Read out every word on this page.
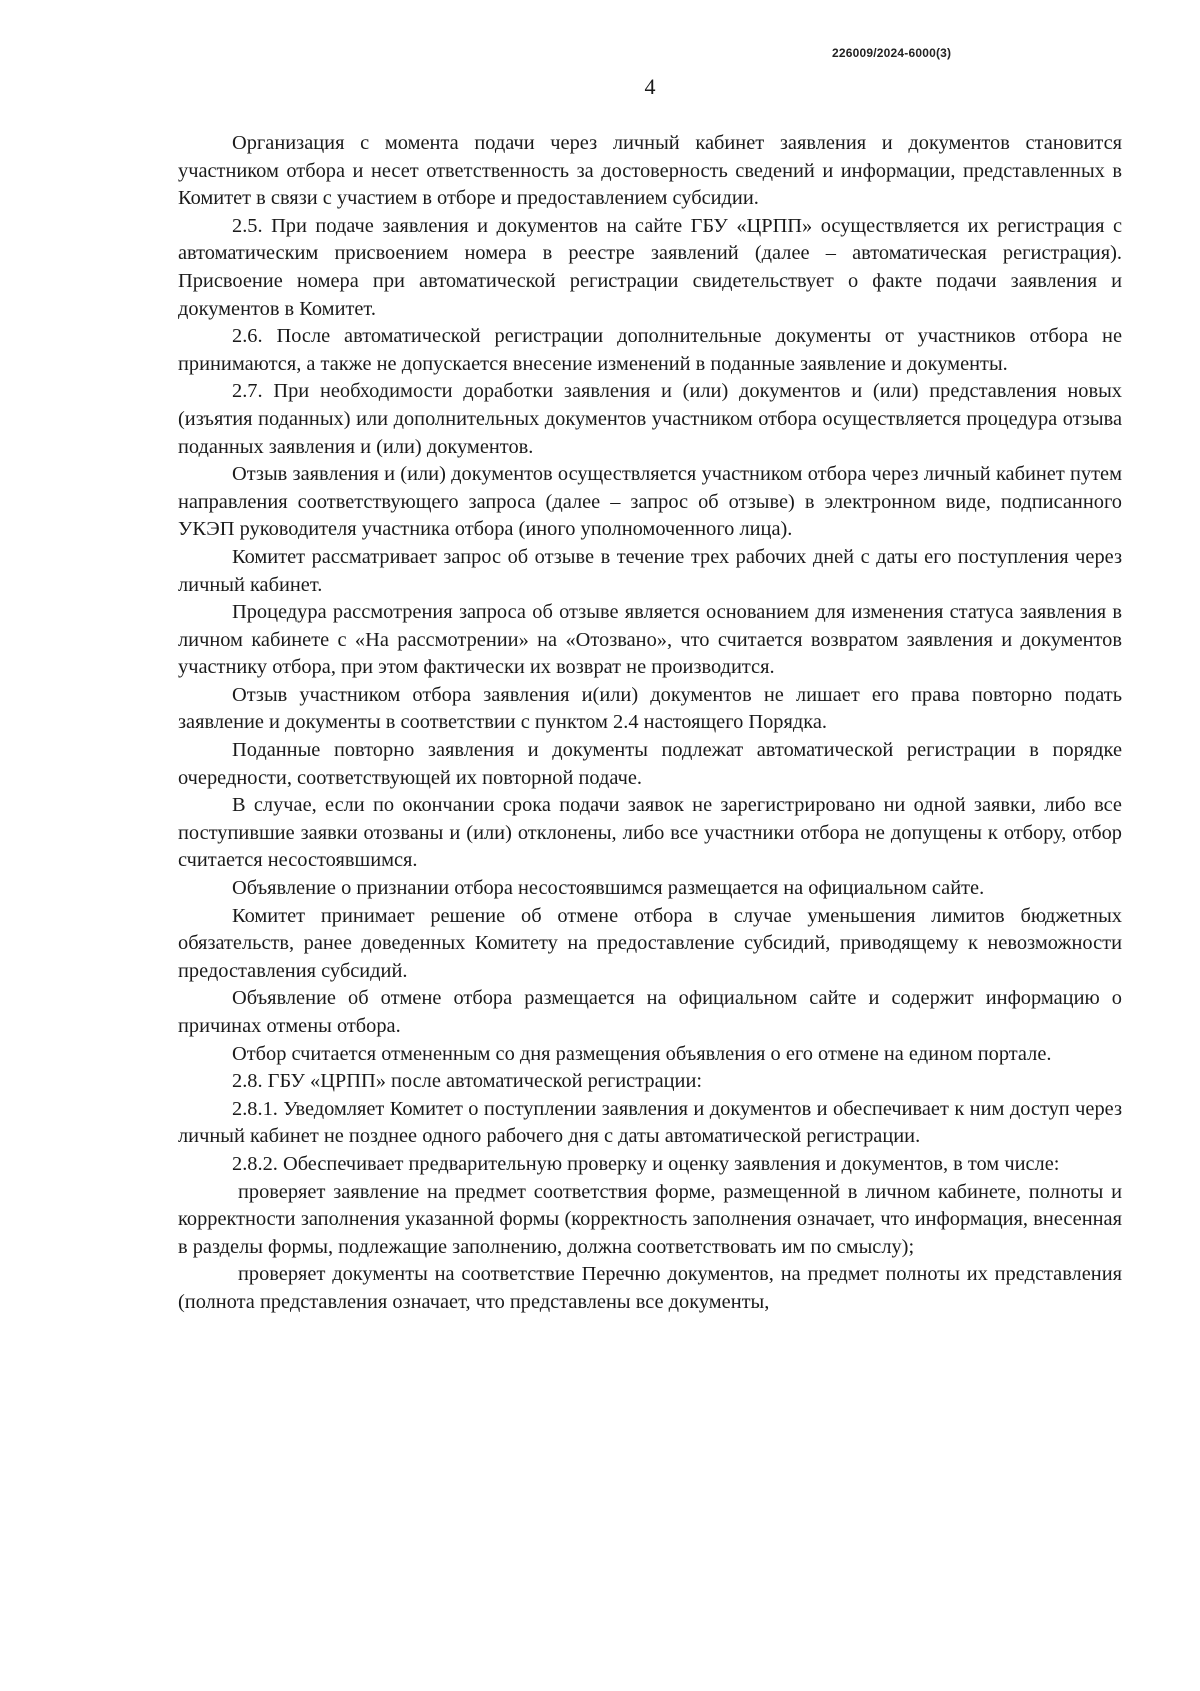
226009/2024-6000(3)
4

Организация с момента подачи через личный кабинет заявления и документов становится участником отбора и несет ответственность за достоверность сведений и информации, представленных в Комитет в связи с участием в отборе и предоставлением субсидии.

2.5. При подаче заявления и документов на сайте ГБУ «ЦРПП» осуществляется их регистрация с автоматическим присвоением номера в реестре заявлений (далее – автоматическая регистрация). Присвоение номера при автоматической регистрации свидетельствует о факте подачи заявления и документов в Комитет.

2.6. После автоматической регистрации дополнительные документы от участников отбора не принимаются, а также не допускается внесение изменений в поданные заявление и документы.

2.7. При необходимости доработки заявления и (или) документов и (или) представления новых (изъятия поданных) или дополнительных документов участником отбора осуществляется процедура отзыва поданных заявления и (или) документов.

Отзыв заявления и (или) документов осуществляется участником отбора через личный кабинет путем направления соответствующего запроса (далее – запрос об отзыве) в электронном виде, подписанного УКЭП руководителя участника отбора (иного уполномоченного лица).

Комитет рассматривает запрос об отзыве в течение трех рабочих дней с даты его поступления через личный кабинет.

Процедура рассмотрения запроса об отзыве является основанием для изменения статуса заявления в личном кабинете с «На рассмотрении» на «Отозвано», что считается возвратом заявления и документов участнику отбора, при этом фактически их возврат не производится.

Отзыв участником отбора заявления и(или) документов не лишает его права повторно подать заявление и документы в соответствии с пунктом 2.4 настоящего Порядка.

Поданные повторно заявления и документы подлежат автоматической регистрации в порядке очередности, соответствующей их повторной подаче.

В случае, если по окончании срока подачи заявок не зарегистрировано ни одной заявки, либо все поступившие заявки отозваны и (или) отклонены, либо все участники отбора не допущены к отбору, отбор считается несостоявшимся.

Объявление о признании отбора несостоявшимся размещается на официальном сайте.

Комитет принимает решение об отмене отбора в случае уменьшения лимитов бюджетных обязательств, ранее доведенных Комитету на предоставление субсидий, приводящему к невозможности предоставления субсидий.

Объявление об отмене отбора размещается на официальном сайте и содержит информацию о причинах отмены отбора.

Отбор считается отмененным со дня размещения объявления о его отмене на едином портале.

2.8. ГБУ «ЦРПП» после автоматической регистрации:

2.8.1. Уведомляет Комитет о поступлении заявления и документов и обеспечивает к ним доступ через личный кабинет не позднее одного рабочего дня с даты автоматической регистрации.

2.8.2. Обеспечивает предварительную проверку и оценку заявления и документов, в том числе:

проверяет заявление на предмет соответствия форме, размещенной в личном кабинете, полноты и корректности заполнения указанной формы (корректность заполнения означает, что информация, внесенная в разделы формы, подлежащие заполнению, должна соответствовать им по смыслу);

проверяет документы на соответствие Перечню документов, на предмет полноты их представления (полнота представления означает, что представлены все документы,
